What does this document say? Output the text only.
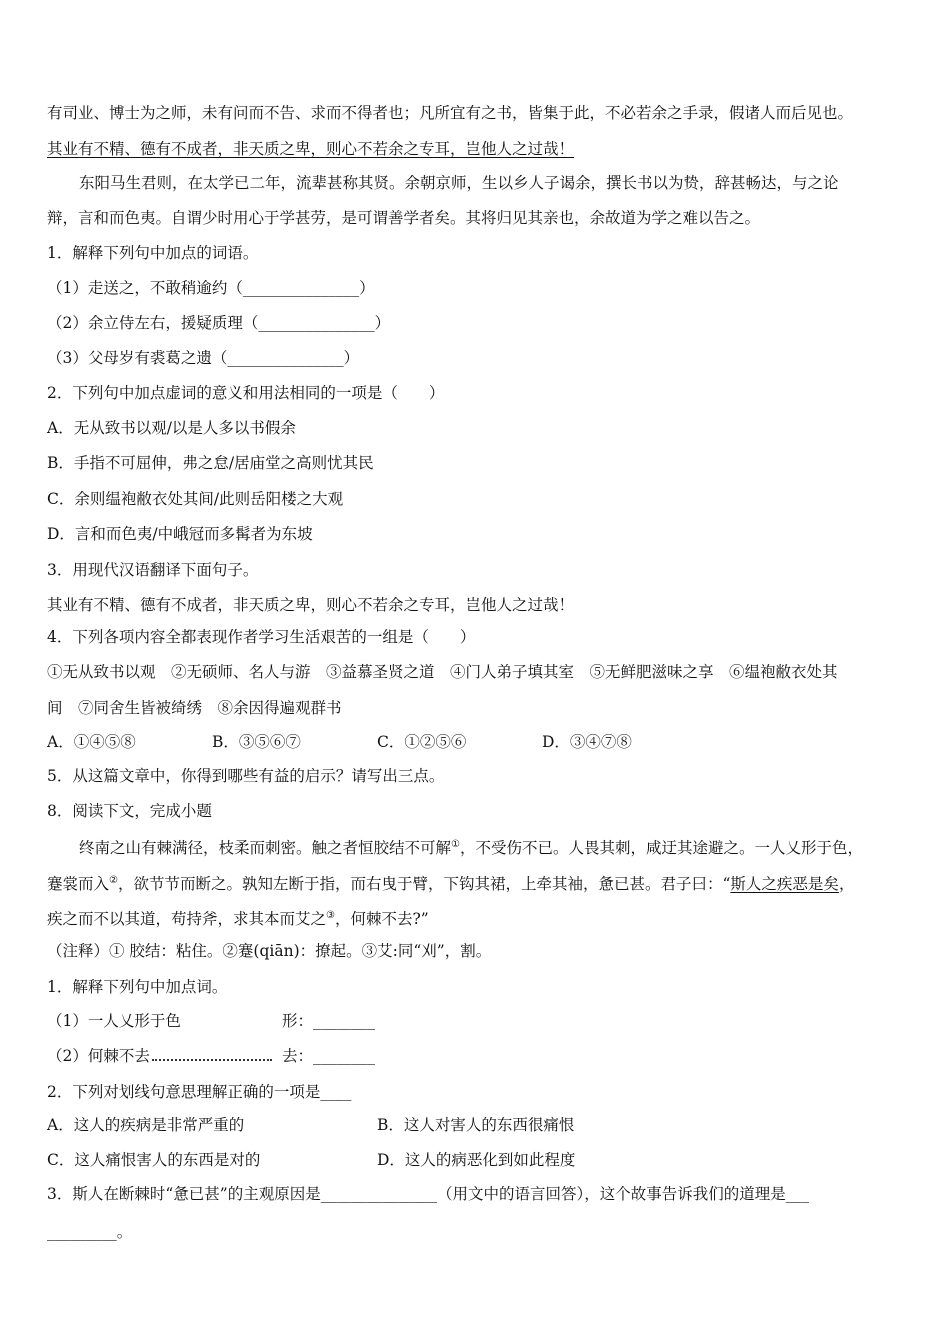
有司业、博士为之师，未有问而不告、求而不得者也；凡所宜有之书，皆集于此，不必若余之手录，假诸人而后见也。
其业有不精、德有不成者，非天质之卑，则心不若余之专耳，岂他人之过哉！
东阳马生君则，在太学已二年，流辈甚称其贤。余朝京师，生以乡人子谒余，撰长书以为贽，辞甚畅达，与之论
辩，言和而色夷。自谓少时用心于学甚劳，是可谓善学者矣。其将归见其亲也，余故道为学之难以告之。
1．解释下列句中加点的词语。
（1）走送之，不敢稍逾约（_______________）
（2）余立侍左右，援疑质理（_______________）
（3）父母岁有裘葛之遗（_______________）
2．下列句中加点虚词的意义和用法相同的一项是（　　）
A．无从致书以观/以是人多以书假余
B．手指不可屈伸，弗之怠/居庙堂之高则忧其民
C．余则缊袍敝衣处其间/此则岳阳楼之大观
D．言和而色夷/中峨冠而多髯者为东坡
3．用现代汉语翻译下面句子。
其业有不精、德有不成者，非天质之卑，则心不若余之专耳，岂他人之过哉！
4．下列各项内容全都表现作者学习生活艰苦的一组是（　　）
①无从致书以观　②无硕师、名人与游　③益慕圣贤之道　④门人弟子填其室　⑤无鲜肥滋味之享　⑥缊袍敝衣处其
间　⑦同舍生皆被绮绣　⑧余因得遍观群书
A．①④⑤⑧	B．③⑤⑥⑦	C．①②⑤⑥	D．③④⑦⑧
5．从这篇文章中，你得到哪些有益的启示？请写出三点。
8．阅读下文，完成小题
终南之山有棘满径，枝柔而刺密。触之者恒胶结不可解①，不受伤不已。人畏其刺，咸迂其途避之。一人乂形于色，
蹇裳而入②，欲节节而断之。孰知左断于指，而右曳于臂，下钩其裙，上牵其袖，惫已甚。君子曰：“斯人之疾恶是矣，
疾之而不以其道，苟持斧，求其本而艾之③，何棘不去?”
（注释）① 胶结：粘住。②蹇(qiān)：撩起。③艾:同“刈”，割。
1．解释下列句中加点词。
（1）一人乂形于色	形：________
（2）何棘不去	去：________
2．下列对划线句意思理解正确的一项是____
A．这人的疾病是非常严重的	B．这人对害人的东西很痛恨
C．这人痛恨害人的东西是对的	D．这人的病恶化到如此程度
3．斯人在断棘时“惫已甚”的主观原因是_______________（用文中的语言回答），这个故事告诉我们的道理是___
_________。
